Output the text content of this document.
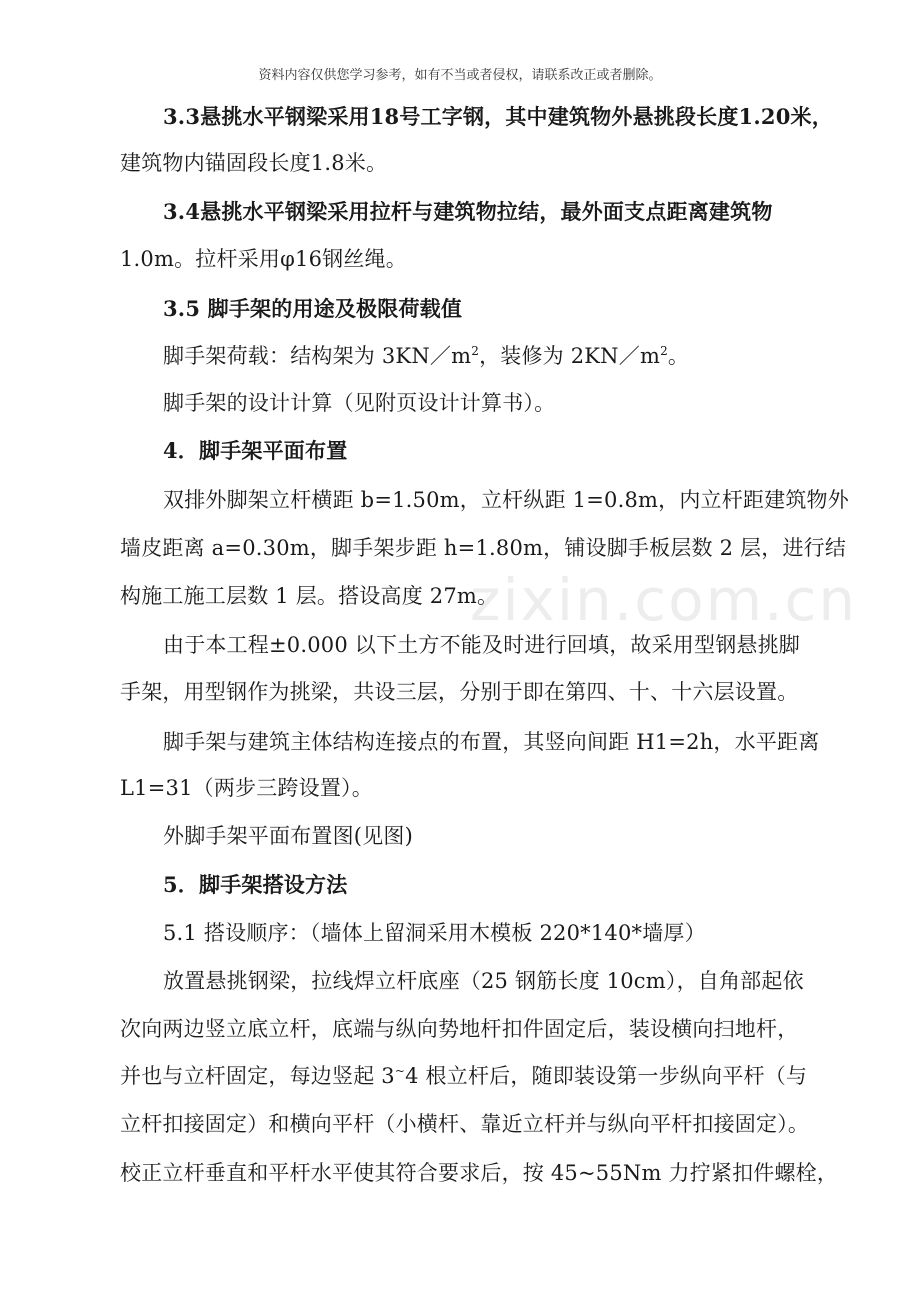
资料内容仅供您学习参考，如有不当或者侵权，请联系改正或者删除。
zixin.com.cn
3.3悬挑水平钢梁采用18号工字钢，其中建筑物外悬挑段长度1.20米，
建筑物内锚固段长度1.8米。
3.4悬挑水平钢梁采用拉杆与建筑物拉结，最外面支点距离建筑物
1.0m。拉杆采用φ16钢丝绳。
3.5 脚手架的用途及极限荷载值
脚手架荷载：结构架为 $3KN/m^2$，装修为 $2KN/m^2$。
脚手架的设计计算（见附页设计计算书）。
4．脚手架平面布置
双排外脚架立杆横距 b=1.50m，立杆纵距 1=0.8m，内立杆距建筑物外
墙皮距离 a=0.30m，脚手架步距 h=1.80m，铺设脚手板层数 2 层，进行结
构施工施工层数 1 层。搭设高度 27m。
由于本工程±0.000 以下土方不能及时进行回填，故采用型钢悬挑脚
手架，用型钢作为挑梁，共设三层，分别于即在第四、十、十六层设置。
脚手架与建筑主体结构连接点的布置，其竖向间距 H1=2h，水平距离
L1=31（两步三跨设置）。
外脚手架平面布置图(见图)
5．脚手架搭设方法
5.1 搭设顺序：（墙体上留洞采用木模板 220*140*墙厚）
放置悬挑钢梁，拉线焊立杆底座（25 钢筋长度 10cm），自角部起依
次向两边竖立底立杆，底端与纵向势地杆扣件固定后，装设横向扫地杆，
并也与立杆固定，每边竖起 3~4 根立杆后，随即装设第一步纵向平杆（与
立杆扣接固定）和横向平杆（小横杆、靠近立杆并与纵向平杆扣接固定）。
校正立杆垂直和平杆水平使其符合要求后，按 45~55Nm 力拧紧扣件螺栓，
